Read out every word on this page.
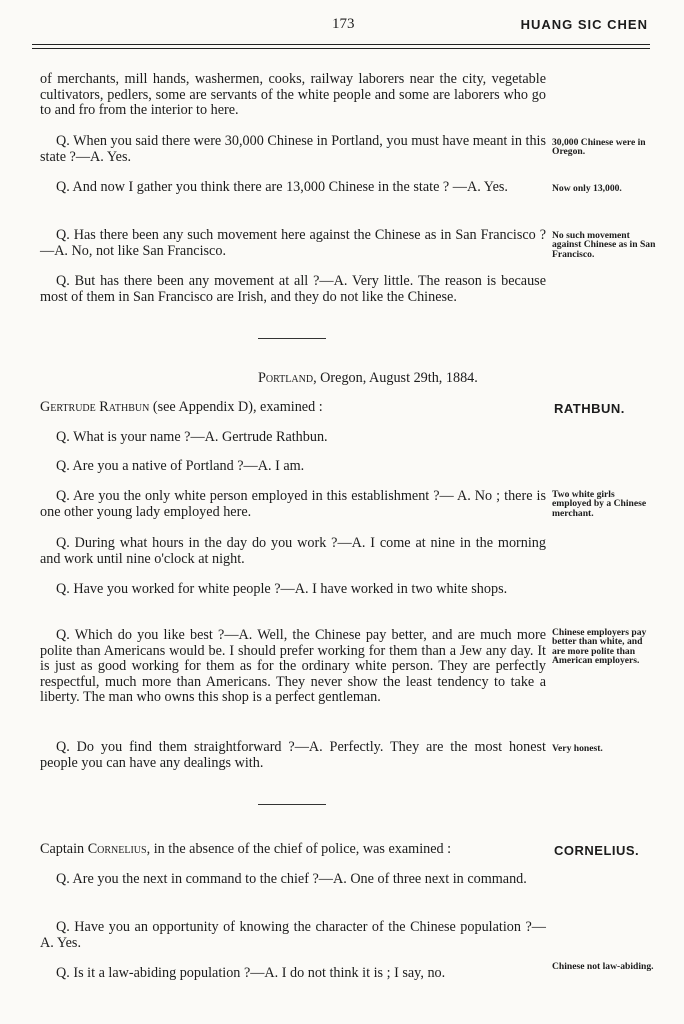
173	HUANG SIC CHEN
of merchants, mill hands, washermen, cooks, railway laborers near the city, vegetable cultivators, pedlers, some are servants of the white people and some are laborers who go to and fro from the interior to here.
Q. When you said there were 30,000 Chinese in Portland, you must have meant in this state ?—A. Yes.
30,000 Chinese were in Oregon.
Q. And now I gather you think there are 13,000 Chinese in the state ? —A. Yes.	Now only 13,000.
Q. Has there been any such movement here against the Chinese as in San Francisco ?—A. No, not like San Francisco.
No such movement against Chinese as in San Francisco.
Q. But has there been any movement at all ?—A. Very little. The reason is because most of them in San Francisco are Irish, and they do not like the Chinese.
Portland, Oregon, August 29th, 1884.
Gertrude Rathbun (see Appendix D), examined :	RATHBUN.
Q. What is your name ?—A. Gertrude Rathbun.
Q. Are you a native of Portland ?—A. I am.
Q. Are you the only white person employed in this establishment ?— A. No ; there is one other young lady employed here.
Two white girls employed by a Chinese merchant.
Q. During what hours in the day do you work ?—A. I come at nine in the morning and work until nine o'clock at night.
Q. Have you worked for white people ?—A. I have worked in two white shops.
Q. Which do you like best ?—A. Well, the Chinese pay better, and are much more polite than Americans would be. I should prefer working for them than a Jew any day. It is just as good working for them as for the ordinary white person. They are perfectly respectful, much more than Americans. They never show the least tendency to take a liberty. The man who owns this shop is a perfect gentleman.
Chinese employers pay better than white, and are more polite than American employers.
Q. Do you find them straightforward ?—A. Perfectly. They are the most honest people you can have any dealings with.
Very honest.
Captain Cornelius, in the absence of the chief of police, was examined :	CORNELIUS.
Q. Are you the next in command to the chief ?—A. One of three next in command.
Q. Have you an opportunity of knowing the character of the Chinese population ?—A. Yes.
Q. Is it a law-abiding population ?—A. I do not think it is ; I say, no.	Chinese not law-abiding.
